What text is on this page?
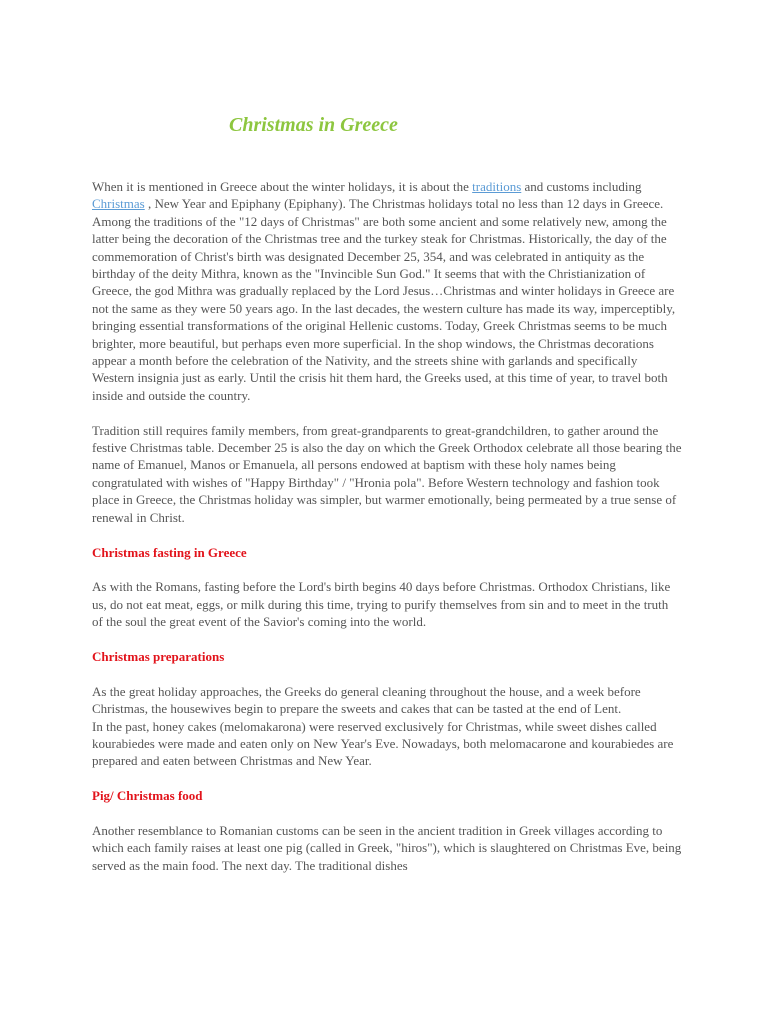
Christmas in Greece

When it is mentioned in Greece about the winter holidays, it is about the traditions and customs including Christmas , New Year and Epiphany (Epiphany). The Christmas holidays total no less than 12 days in Greece.

Among the traditions of the "12 days of Christmas" are both some ancient and some relatively new, among the latter being the decoration of the Christmas tree and the turkey steak for Christmas. Historically, the day of the commemoration of Christ's birth was designated December 25, 354, and was celebrated in antiquity as the birthday of the deity Mithra, known as the "Invincible Sun God." It seems that with the Christianization of Greece, the god Mithra was gradually replaced by the Lord Jesus…Christmas and winter holidays in Greece are not the same as they were 50 years ago. In the last decades, the western culture has made its way, imperceptibly, bringing essential transformations of the original Hellenic customs. Today, Greek Christmas seems to be much brighter, more beautiful, but perhaps even more superficial. In the shop windows, the Christmas decorations appear a month before the celebration of the Nativity, and the streets shine with garlands and specifically Western insignia just as early. Until the crisis hit them hard, the Greeks used, at this time of year, to travel both inside and outside the country.

Tradition still requires family members, from great-grandparents to great-grandchildren, to gather around the festive Christmas table. December 25 is also the day on which the Greek Orthodox celebrate all those bearing the name of Emanuel, Manos or Emanuela, all persons endowed at baptism with these holy names being congratulated with wishes of "Happy Birthday" / "Hronia pola". Before Western technology and fashion took place in Greece, the Christmas holiday was simpler, but warmer emotionally, being permeated by a true sense of renewal in Christ.

Christmas fasting in Greece

As with the Romans, fasting before the Lord's birth begins 40 days before Christmas. Orthodox Christians, like us, do not eat meat, eggs, or milk during this time, trying to purify themselves from sin and to meet in the truth of the soul the great event of the Savior's coming into the world.

Christmas preparations

As the great holiday approaches, the Greeks do general cleaning throughout the house, and a week before Christmas, the housewives begin to prepare the sweets and cakes that can be tasted at the end of Lent.

In the past, honey cakes (melomakarona) were reserved exclusively for Christmas, while sweet dishes called kourabiedes were made and eaten only on New Year's Eve. Nowadays, both melomacarone and kourabiedes are prepared and eaten between Christmas and New Year.

Pig/ Christmas food

Another resemblance to Romanian customs can be seen in the ancient tradition in Greek villages according to which each family raises at least one pig (called in Greek, "hiros"), which is slaughtered on Christmas Eve, being served as the main food. The next day. The traditional dishes
